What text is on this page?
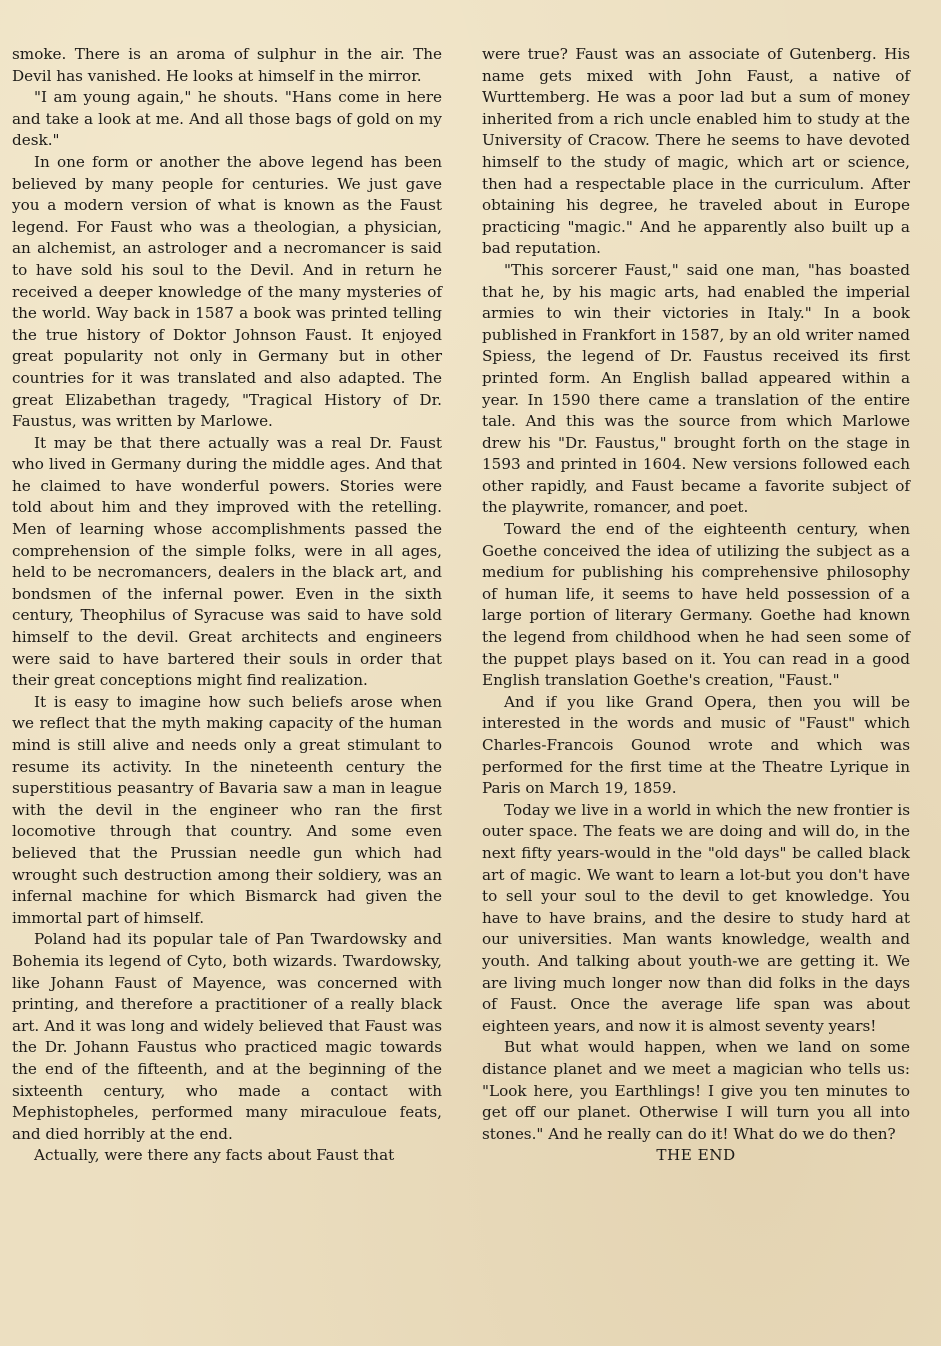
smoke. There is an aroma of sulphur in the air. The Devil has vanished. He looks at himself in the mirror.

"I am young again," he shouts. "Hans come in here and take a look at me. And all those bags of gold on my desk."

In one form or another the above legend has been believed by many people for centuries. We just gave you a modern version of what is known as the Faust legend. For Faust who was a theologian, a physician, an alchemist, an astrologer and a necromancer is said to have sold his soul to the Devil. And in return he received a deeper knowledge of the many mysteries of the world. Way back in 1587 a book was printed telling the true history of Doktor Johnson Faust. It enjoyed great popularity not only in Germany but in other countries for it was translated and also adapted. The great Elizabethan tragedy, "Tragical History of Dr. Faustus, was written by Marlowe.

It may be that there actually was a real Dr. Faust who lived in Germany during the middle ages. And that he claimed to have wonderful powers. Stories were told about him and they improved with the retelling. Men of learning whose accomplishments passed the comprehension of the simple folks, were in all ages, held to be necromancers, dealers in the black art, and bondsmen of the infernal power. Even in the sixth century, Theophilus of Syracuse was said to have sold himself to the devil. Great architects and engineers were said to have bartered their souls in order that their great conceptions might find realization.

It is easy to imagine how such beliefs arose when we reflect that the myth making capacity of the human mind is still alive and needs only a great stimulant to resume its activity. In the nineteenth century the superstitious peasantry of Bavaria saw a man in league with the devil in the engineer who ran the first locomotive through that country. And some even believed that the Prussian needle gun which had wrought such destruction among their soldiery, was an infernal machine for which Bismarck had given the immortal part of himself.

Poland had its popular tale of Pan Twardowsky and Bohemia its legend of Cyto, both wizards. Twardowsky, like Johann Faust of Mayence, was concerned with printing, and therefore a practitioner of a really black art. And it was long and widely believed that Faust was the Dr. Johann Faustus who practiced magic towards the end of the fifteenth, and at the beginning of the sixteenth century, who made a contact with Mephistopheles, performed many miraculoue feats, and died horribly at the end.

Actually, were there any facts about Faust that

were true? Faust was an associate of Gutenberg. His name gets mixed with John Faust, a native of Wurttemberg. He was a poor lad but a sum of money inherited from a rich uncle enabled him to study at the University of Cracow. There he seems to have devoted himself to the study of magic, which art or science, then had a respectable place in the curriculum. After obtaining his degree, he traveled about in Europe practicing "magic." And he apparently also built up a bad reputation.

"This sorcerer Faust," said one man, "has boasted that he, by his magic arts, had enabled the imperial armies to win their victories in Italy." In a book published in Frankfort in 1587, by an old writer named Spiess, the legend of Dr. Faustus received its first printed form. An English ballad appeared within a year. In 1590 there came a translation of the entire tale. And this was the source from which Marlowe drew his "Dr. Faustus," brought forth on the stage in 1593 and printed in 1604. New versions followed each other rapidly, and Faust became a favorite subject of the playwrite, romancer, and poet.

Toward the end of the eighteenth century, when Goethe conceived the idea of utilizing the subject as a medium for publishing his comprehensive philosophy of human life, it seems to have held possession of a large portion of literary Germany. Goethe had known the legend from childhood when he had seen some of the puppet plays based on it. You can read in a good English translation Goethe's creation, "Faust."

And if you like Grand Opera, then you will be interested in the words and music of "Faust" which Charles-Francois Gounod wrote and which was performed for the first time at the Theatre Lyrique in Paris on March 19, 1859.

Today we live in a world in which the new frontier is outer space. The feats we are doing and will do, in the next fifty years-would in the "old days" be called black art of magic. We want to learn a lot-but you don't have to sell your soul to the devil to get knowledge. You have to have brains, and the desire to study hard at our universities. Man wants knowledge, wealth and youth. And talking about youth-we are getting it. We are living much longer now than did folks in the days of Faust. Once the average life span was about eighteen years, and now it is almost seventy years!

But what would happen, when we land on some distance planet and we meet a magician who tells us: "Look here, you Earthlings! I give you ten minutes to get off our planet. Otherwise I will turn you all into stones." And he really can do it! What do we do then?

THE END
